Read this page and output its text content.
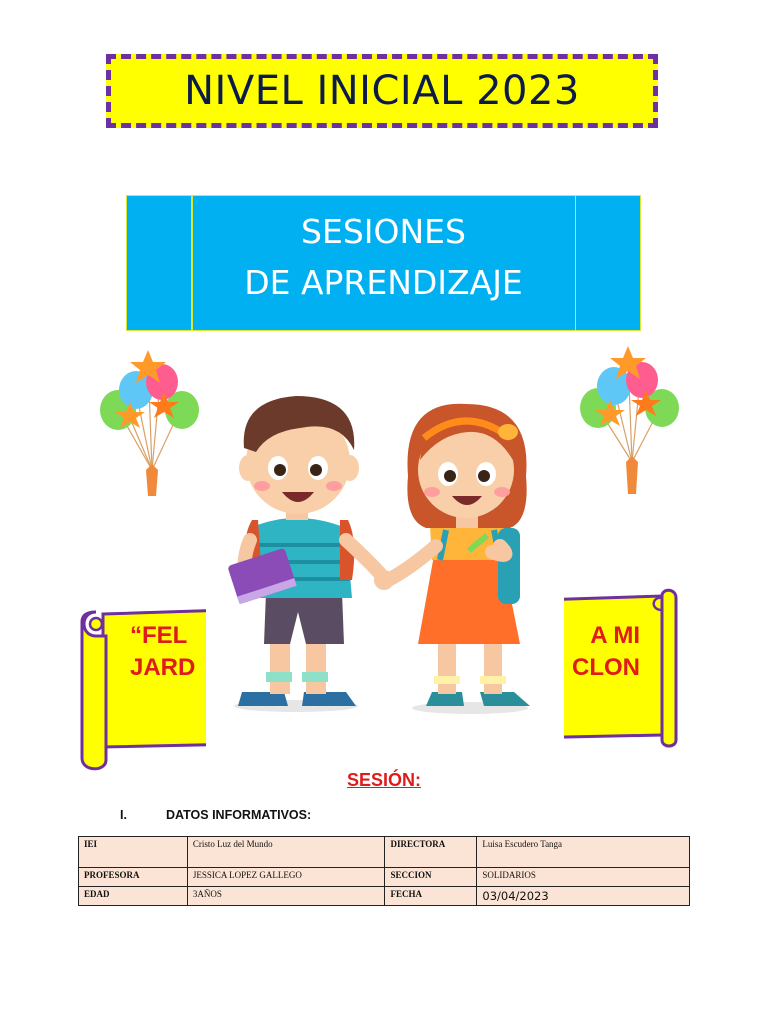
NIVEL INICIAL 2023
SESIONES
DE APRENDIZAJE
“FEL
JARD
A MI
CLON
SESIÓN:
I.	DATOS INFORMATIVOS:
IEI	Cristo Luz del Mundo	DIRECTORA	Luisa Escudero Tanga
PROFESORA	JESSICA LOPEZ GALLEGO	SECCION	SOLIDARIOS
EDAD	3AÑOS	FECHA	03/04/2023
